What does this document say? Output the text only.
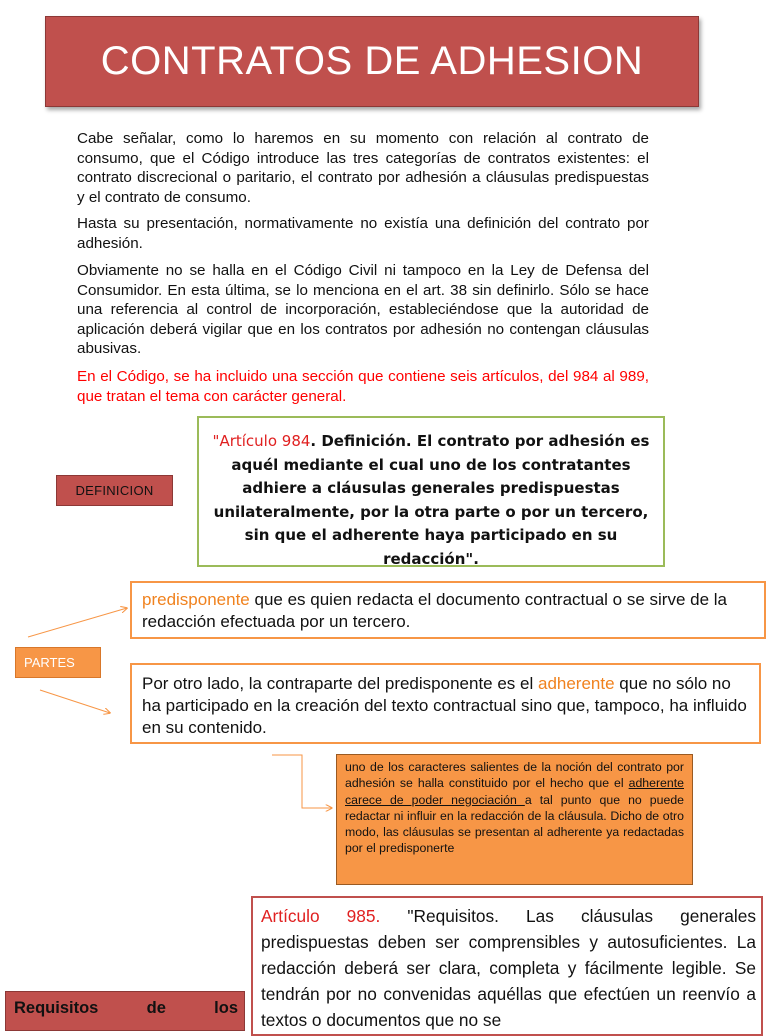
CONTRATOS DE ADHESION

Cabe señalar, como lo haremos en su momento con relación al contrato de consumo, que el Código introduce las tres categorías de contratos existentes: el contrato discrecional o paritario, el contrato por adhesión a cláusulas predispuestas y el contrato de consumo.

Hasta su presentación, normativamente no existía una definición del contrato por adhesión.

Obviamente no se halla en el Código Civil ni tampoco en la Ley de Defensa del Consumidor. En esta última, se lo menciona en el art. 38 sin definirlo. Sólo se hace una referencia al control de incorporación, estableciéndose que la autoridad de aplicación deberá vigilar que en los contratos por adhesión no contengan cláusulas abusivas.

En el Código, se ha incluido una sección que contiene seis artículos, del 984 al 989, que tratan el tema con carácter general.

DEFINICION
"Artículo 984. Definición. El contrato por adhesión es aquél mediante el cual uno de los contratantes adhiere a cláusulas generales predispuestas unilateralmente, por la otra parte o por un tercero, sin que el adherente haya participado en su redacción".
predisponente que es quien redacta el documento contractual o se sirve de la redacción efectuada por un tercero.
PARTES
Por otro lado, la contraparte del predisponente es el adherente que no sólo no ha participado en la creación del texto contractual sino que, tampoco, ha influido en su contenido.
uno de los caracteres salientes de la noción del contrato por adhesión se halla constituido por el hecho que el adherente carece de poder negociación a tal punto que no puede redactar ni influir en la redacción de la cláusula. Dicho de otro modo, las cláusulas se presentan al adherente ya redactadas por el predisponerte
Artículo 985. "Requisitos. Las cláusulas generales predispuestas deben ser comprensibles y autosuficientes. La redacción deberá ser clara, completa y fácilmente legible. Se tendrán por no convenidas aquéllas que efectúen un reenvío a textos o documentos que no se
Requisitos	de	los
